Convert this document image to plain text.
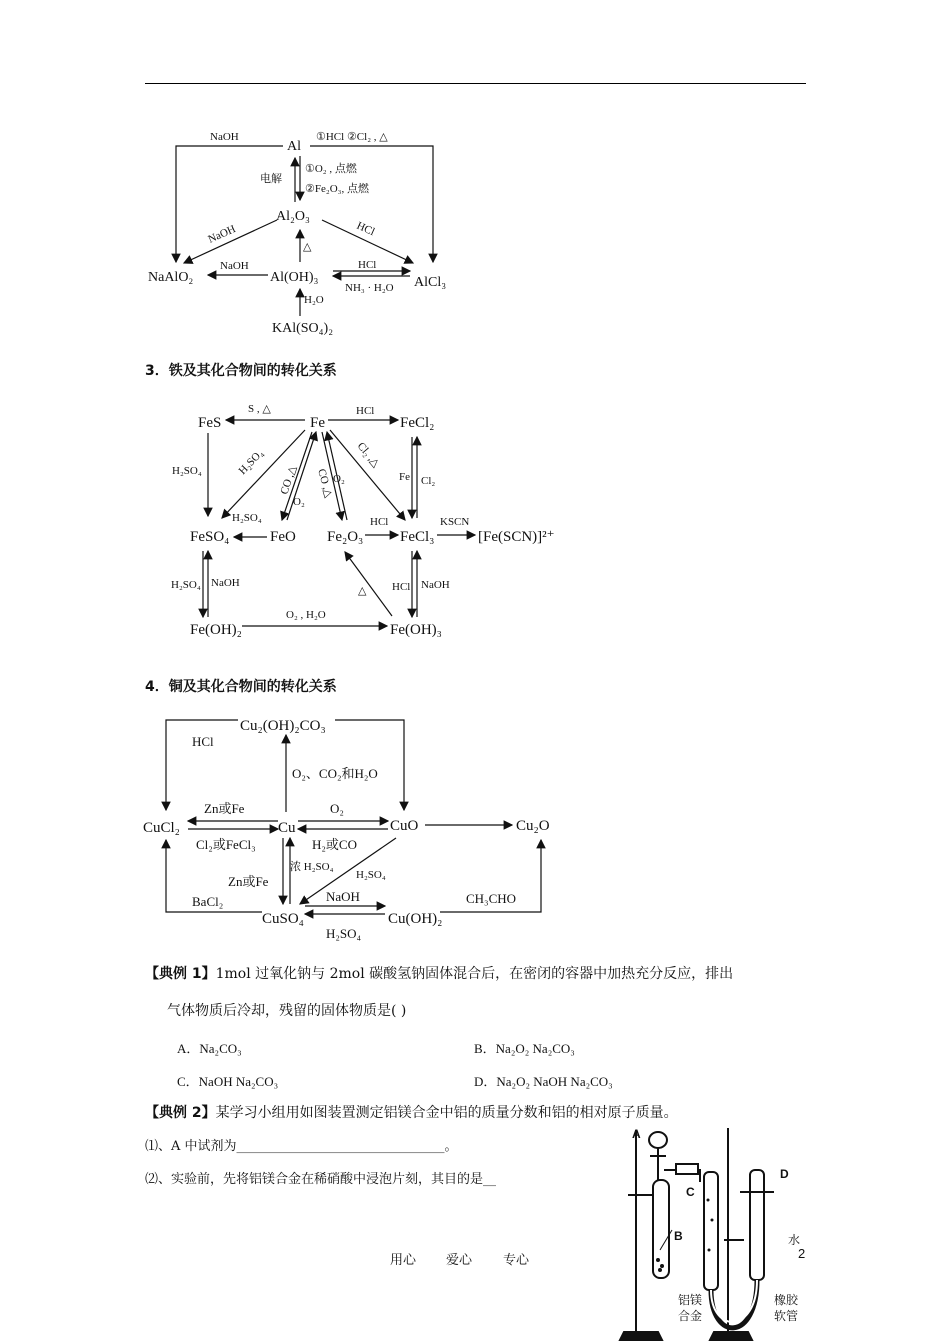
Al
Al₂O₃
NaAlO₂	Al(OH)₃	AlCl₃
KAl(SO₄)₂
NaOH	①HCl ②Cl₂ , △
电解
①O₂ , 点燃
②Fe₂O₃, 点燃
NaOH	HCl
△
NaOH	HCl
NH₃ · H₂O
H₂O
3．铁及其化合物间的转化关系
FeS	Fe	FeCl₂
FeSO₄	FeO Fe₂O₃ FeCl₃	[Fe(SCN)]²⁺
Fe(OH)₂	Fe(OH)₃
S , △	HCl
H₂SO₄	H₂SO₄
CO ,△
O₂
CO ,△
O₂
Cl₂ ,△
Fe Cl₂
H₂SO₄	HCl	KSCN
H₂SO₄ NaOH
△ HCl NaOH
O₂ , H₂O
4．铜及其化合物间的转化关系
Cu₂(OH)₂CO₃
CuCl₂	Cu	CuO	Cu₂O
CuSO₄	Cu(OH)₂
HCl
O₂、CO₂和H₂O
Zn或Fe	O₂
Cl₂或FeCl₃	H₂或CO
浓 H₂SO₄
H₂SO₄
Zn或Fe
BaCl₂	NaOH
H₂SO₄
CH₃CHO
【典例 1】1mol 过氧化钠与 2mol 碳酸氢钠固体混合后，在密闭的容器中加热充分反应，排出
气体物质后冷却，残留的固体物质是( )
A．Na₂CO₃	B．Na₂O₂ Na₂CO₃
C．NaOH Na₂CO₃	D．Na₂O₂ NaOH Na₂CO₃
【典例 2】某学习小组用如图装置测定铝镁合金中铝的质量分数和铝的相对原子质量。
⑴、A 中试剂为________________________________。
⑵、实验前，先将铝镁合金在稀硝酸中浸泡片刻，其目的是__
A
B
C
D
水
铝镁
合金
橡胶
软管
2
用心 爱心 专心
